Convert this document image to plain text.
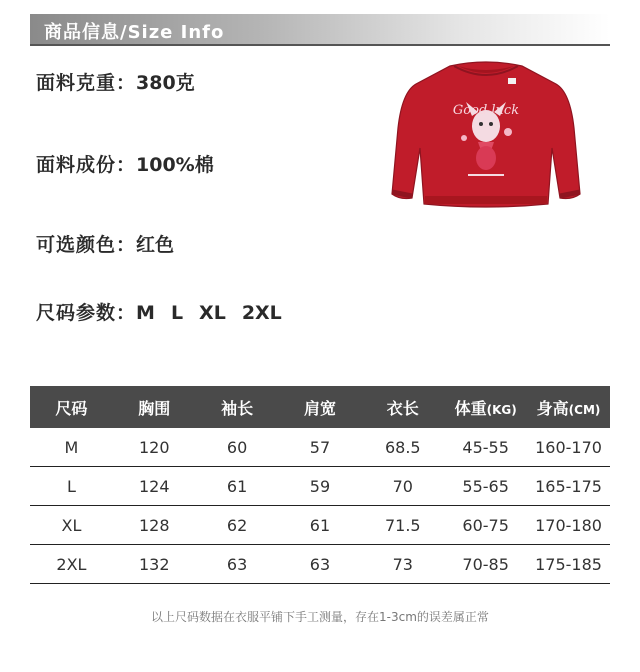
商品信息/Size Info
面料克重：380克
面料成份：100%棉
可选颜色：红色
尺码参数：M L XL 2XL
Good luck
尺码	胸围	袖长	肩宽	衣长	体重(KG)	身高(CM)
M	120	60	57	68.5	45-55	160-170
L	124	61	59	70	55-65	165-175
XL	128	62	61	71.5	60-75	170-180
2XL	132	63	63	73	70-85	175-185
以上尺码数据在衣服平铺下手工测量，存在1-3cm的误差属正常
